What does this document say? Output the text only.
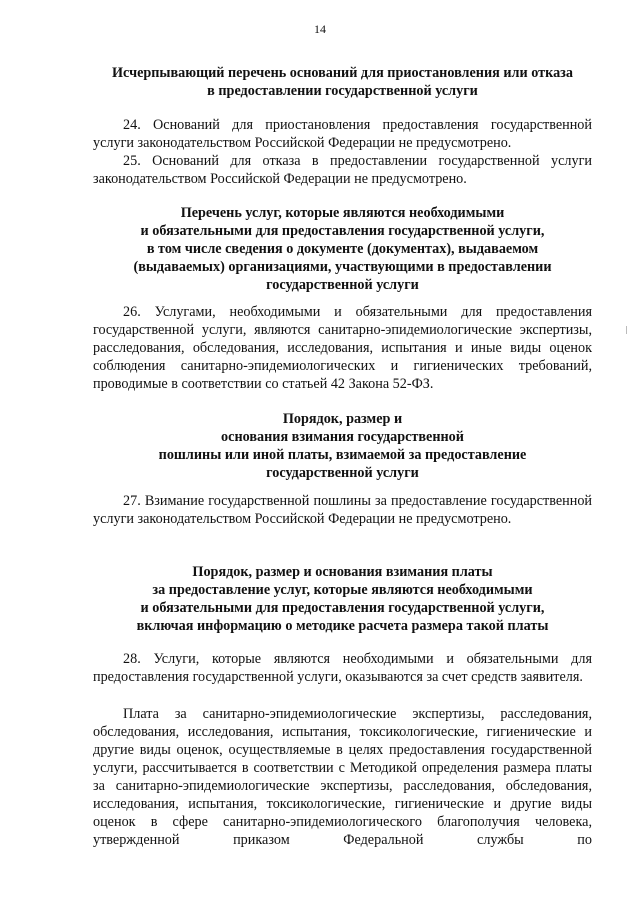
14
Исчерпывающий перечень оснований для приостановления или отказа
в предоставлении государственной услуги

24. Оснований для приостановления предоставления государственной услуги законодательством Российской Федерации не предусмотрено.

25. Оснований для отказа в предоставлении государственной услуги законодательством Российской Федерации не предусмотрено.

Перечень услуг, которые являются необходимыми
и обязательными для предоставления государственной услуги,
в том числе сведения о документе (документах), выдаваемом
(выдаваемых) организациями, участвующими в предоставлении
государственной услуги

26. Услугами, необходимыми и обязательными для предоставления государственной услуги, являются санитарно-эпидемиологические экспертизы, расследования, обследования, исследования, испытания и иные виды оценок соблюдения санитарно-эпидемиологических и гигиенических требований, проводимые в соответствии со статьей 42 Закона 52-ФЗ.

Порядок, размер и
основания взимания государственной
пошлины или иной платы, взимаемой за предоставление
государственной услуги

27. Взимание государственной пошлины за предоставление государственной услуги законодательством Российской Федерации не предусмотрено.

Порядок, размер и основания взимания платы
за предоставление услуг, которые являются необходимыми
и обязательными для предоставления государственной услуги,
включая информацию о методике расчета размера такой платы

28. Услуги, которые являются необходимыми и обязательными для предоставления государственной услуги, оказываются за счет средств заявителя.

Плата за санитарно-эпидемиологические экспертизы, расследования, обследования, исследования, испытания, токсикологические, гигиенические и другие виды оценок, осуществляемые в целях предоставления государственной услуги, рассчитывается в соответствии с Методикой определения размера платы за санитарно-эпидемиологические экспертизы, расследования, обследования, исследования, испытания, токсикологические, гигиенические и другие виды оценок в сфере санитарно-эпидемиологического благополучия человека, утвержденной приказом Федеральной службы по
